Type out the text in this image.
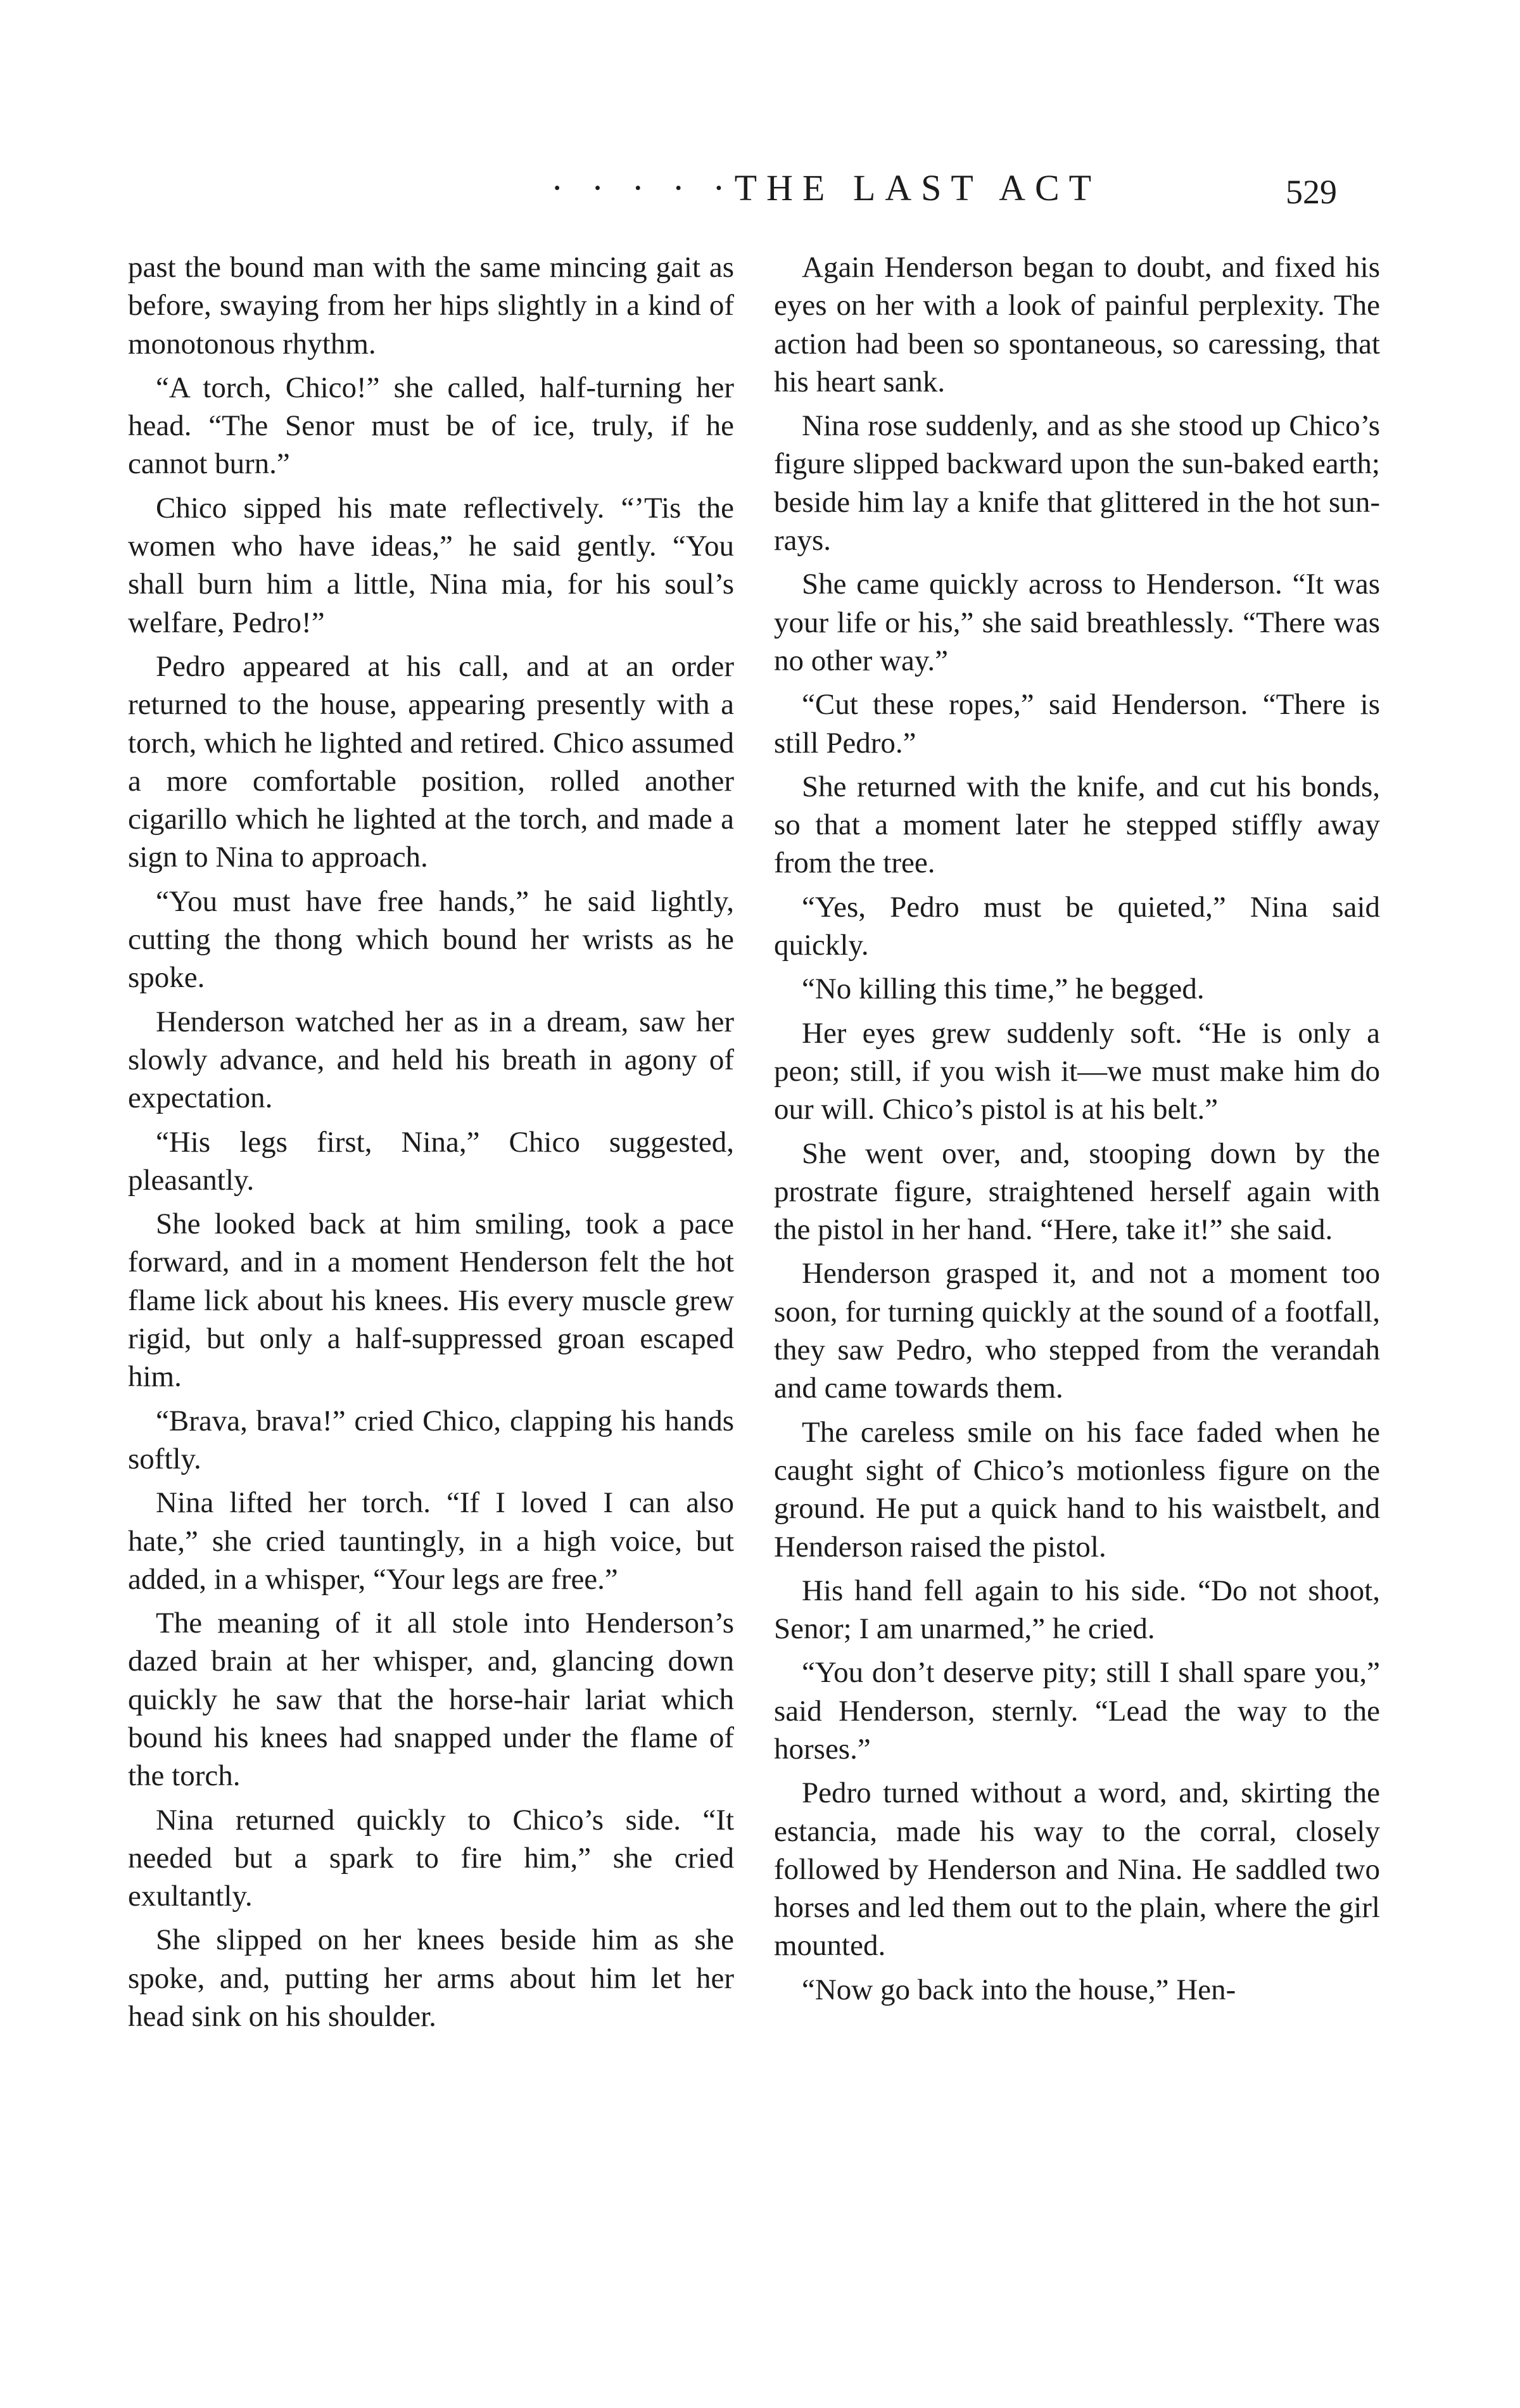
· · · · ·THE LAST ACT	529

past the bound man with the same mincing gait as before, swaying from her hips slightly in a kind of monotonous rhythm.

“A torch, Chico!” she called, half-turning her head. “The Senor must be of ice, truly, if he cannot burn.”

Chico sipped his mate reflectively. “’Tis the women who have ideas,” he said gently. “You shall burn him a little, Nina mia, for his soul’s welfare, Pedro!”

Pedro appeared at his call, and at an order returned to the house, appearing presently with a torch, which he lighted and retired. Chico assumed a more comfortable position, rolled another cigarillo which he lighted at the torch, and made a sign to Nina to approach.

“You must have free hands,” he said lightly, cutting the thong which bound her wrists as he spoke.

Henderson watched her as in a dream, saw her slowly advance, and held his breath in agony of expectation.

“His legs first, Nina,” Chico suggested, pleasantly.

She looked back at him smiling, took a pace forward, and in a moment Henderson felt the hot flame lick about his knees. His every muscle grew rigid, but only a half-suppressed groan escaped him.

“Brava, brava!” cried Chico, clapping his hands softly.

Nina lifted her torch. “If I loved I can also hate,” she cried tauntingly, in a high voice, but added, in a whisper, “Your legs are free.”

The meaning of it all stole into Henderson’s dazed brain at her whisper, and, glancing down quickly he saw that the horse-hair lariat which bound his knees had snapped under the flame of the torch.

Nina returned quickly to Chico’s side. “It needed but a spark to fire him,” she cried exultantly.

She slipped on her knees beside him as she spoke, and, putting her arms about him let her head sink on his shoulder.

Again Henderson began to doubt, and fixed his eyes on her with a look of painful perplexity. The action had been so spontaneous, so caressing, that his heart sank.

Nina rose suddenly, and as she stood up Chico’s figure slipped backward upon the sun-baked earth; beside him lay a knife that glittered in the hot sun-rays.

She came quickly across to Henderson. “It was your life or his,” she said breathlessly. “There was no other way.”

“Cut these ropes,” said Henderson. “There is still Pedro.”

She returned with the knife, and cut his bonds, so that a moment later he stepped stiffly away from the tree.

“Yes, Pedro must be quieted,” Nina said quickly.

“No killing this time,” he begged.

Her eyes grew suddenly soft. “He is only a peon; still, if you wish it—we must make him do our will. Chico’s pistol is at his belt.”

She went over, and, stooping down by the prostrate figure, straightened herself again with the pistol in her hand. “Here, take it!” she said.

Henderson grasped it, and not a moment too soon, for turning quickly at the sound of a footfall, they saw Pedro, who stepped from the verandah and came towards them.

The careless smile on his face faded when he caught sight of Chico’s motionless figure on the ground. He put a quick hand to his waistbelt, and Henderson raised the pistol.

His hand fell again to his side. “Do not shoot, Senor; I am unarmed,” he cried.

“You don’t deserve pity; still I shall spare you,” said Henderson, sternly. “Lead the way to the horses.”

Pedro turned without a word, and, skirting the estancia, made his way to the corral, closely followed by Henderson and Nina. He saddled two horses and led them out to the plain, where the girl mounted.

“Now go back into the house,” Hen-
